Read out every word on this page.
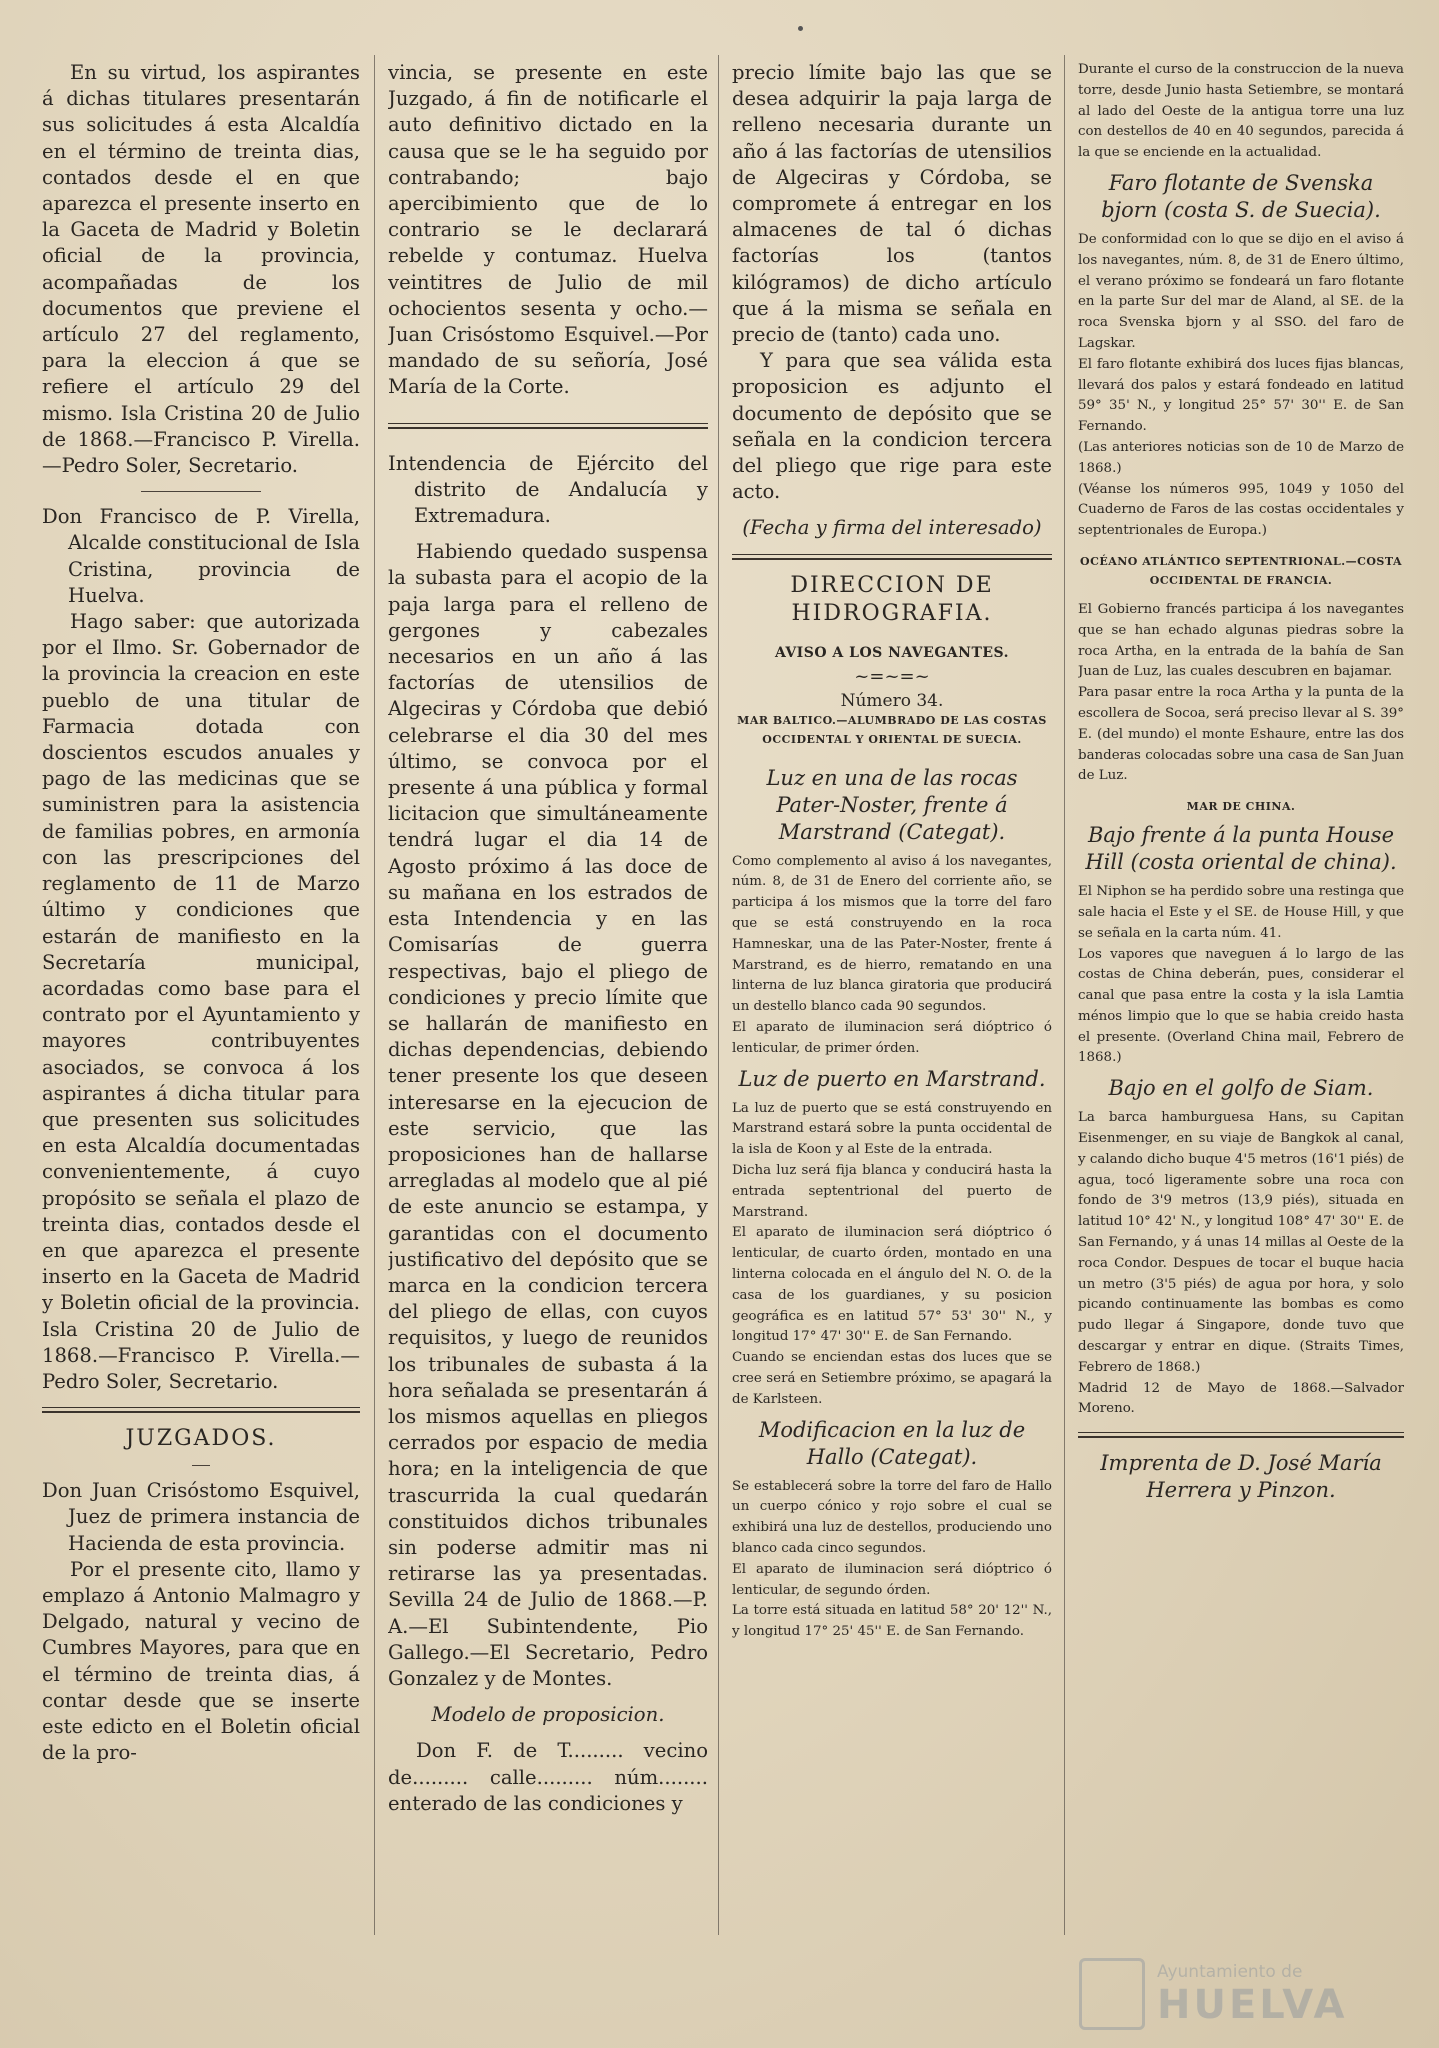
En su virtud, los aspirantes á dichas titulares presentarán sus solicitudes á esta Alcaldía en el término de treinta dias, contados desde el en que aparezca el presente inserto en la Gaceta de Madrid y Boletin oficial de la provincia, acompañadas de los documentos que previene el artículo 27 del reglamento, para la eleccion á que se refiere el artículo 29 del mismo. Isla Cristina 20 de Julio de 1868.—Francisco P. Virella.—Pedro Soler, Secretario.

Don Francisco de P. Virella, Alcalde constitucional de Isla Cristina, provincia de Huelva.

Hago saber: que autorizada por el Ilmo. Sr. Gobernador de la provincia la creacion en este pueblo de una titular de Farmacia dotada con doscientos escudos anuales y pago de las medicinas que se suministren para la asistencia de familias pobres, en armonía con las prescripciones del reglamento de 11 de Marzo último y condiciones que estarán de manifiesto en la Secretaría municipal, acordadas como base para el contrato por el Ayuntamiento y mayores contribuyentes asociados, se convoca á los aspirantes á dicha titular para que presenten sus solicitudes en esta Alcaldía documentadas convenientemente, á cuyo propósito se señala el plazo de treinta dias, contados desde el en que aparezca el presente inserto en la Gaceta de Madrid y Boletin oficial de la provincia. Isla Cristina 20 de Julio de 1868.—Francisco P. Virella.—Pedro Soler, Secretario.

JUZGADOS.

Don Juan Crisóstomo Esquivel, Juez de primera instancia de Hacienda de esta provincia.

Por el presente cito, llamo y emplazo á Antonio Malmagro y Delgado, natural y vecino de Cumbres Mayores, para que en el término de treinta dias, á contar desde que se inserte este edicto en el Boletin oficial de la pro-

vincia, se presente en este Juzgado, á fin de notificarle el auto definitivo dictado en la causa que se le ha seguido por contrabando; bajo apercibimiento que de lo contrario se le declarará rebelde y contumaz. Huelva veintitres de Julio de mil ochocientos sesenta y ocho.—Juan Crisóstomo Esquivel.—Por mandado de su señoría, José María de la Corte.

Intendencia de Ejército del distrito de Andalucía y Extremadura.

Habiendo quedado suspensa la subasta para el acopio de la paja larga para el relleno de gergones y cabezales necesarios en un año á las factorías de utensilios de Algeciras y Córdoba que debió celebrarse el dia 30 del mes último, se convoca por el presente á una pública y formal licitacion que simultáneamente tendrá lugar el dia 14 de Agosto próximo á las doce de su mañana en los estrados de esta Intendencia y en las Comisarías de guerra respectivas, bajo el pliego de condiciones y precio límite que se hallarán de manifiesto en dichas dependencias, debiendo tener presente los que deseen interesarse en la ejecucion de este servicio, que las proposiciones han de hallarse arregladas al modelo que al pié de este anuncio se estampa, y garantidas con el documento justificativo del depósito que se marca en la condicion tercera del pliego de ellas, con cuyos requisitos, y luego de reunidos los tribunales de subasta á la hora señalada se presentarán á los mismos aquellas en pliegos cerrados por espacio de media hora; en la inteligencia de que trascurrida la cual quedarán constituidos dichos tribunales sin poderse admitir mas ni retirarse las ya presentadas. Sevilla 24 de Julio de 1868.—P. A.—El Subintendente, Pio Gallego.—El Secretario, Pedro Gonzalez y de Montes.

Modelo de proposicion.

Don F. de T......... vecino de......... calle......... núm........ enterado de las condiciones y

precio límite bajo las que se desea adquirir la paja larga de relleno necesaria durante un año á las factorías de utensilios de Algeciras y Córdoba, se compromete á entregar en los almacenes de tal ó dichas factorías los (tantos kilógramos) de dicho artículo que á la misma se señala en precio de (tanto) cada uno.

Y para que sea válida esta proposicion es adjunto el documento de depósito que se señala en la condicion tercera del pliego que rige para este acto.

(Fecha y firma del interesado)

DIRECCION DE HIDROGRAFIA.
AVISO A LOS NAVEGANTES.
~=~=~
Número 34.
MAR BALTICO.—ALUMBRADO DE LAS COSTAS OCCIDENTAL Y ORIENTAL DE SUECIA.
Luz en una de las rocas Pater-Noster, frente á Marstrand (Categat).

Como complemento al aviso á los navegantes, núm. 8, de 31 de Enero del corriente año, se participa á los mismos que la torre del faro que se está construyendo en la roca Hamneskar, una de las Pater-Noster, frente á Marstrand, es de hierro, rematando en una linterna de luz blanca giratoria que producirá un destello blanco cada 90 segundos.

El aparato de iluminacion será dióptrico ó lenticular, de primer órden.

Luz de puerto en Marstrand.

La luz de puerto que se está construyendo en Marstrand estará sobre la punta occidental de la isla de Koon y al Este de la entrada.

Dicha luz será fija blanca y conducirá hasta la entrada septentrional del puerto de Marstrand.

El aparato de iluminacion será dióptrico ó lenticular, de cuarto órden, montado en una linterna colocada en el ángulo del N. O. de la casa de los guardianes, y su posicion geográfica es en latitud 57° 53' 30'' N., y longitud 17° 47' 30'' E. de San Fernando.

Cuando se enciendan estas dos luces que se cree será en Setiembre próximo, se apagará la de Karlsteen.

Modificacion en la luz de Hallo (Categat).

Se establecerá sobre la torre del faro de Hallo un cuerpo cónico y rojo sobre el cual se exhibirá una luz de destellos, produciendo uno blanco cada cinco segundos.

El aparato de iluminacion será dióptrico ó lenticular, de segundo órden.

La torre está situada en latitud 58° 20' 12'' N., y longitud 17° 25' 45'' E. de San Fernando.

Durante el curso de la construccion de la nueva torre, desde Junio hasta Setiembre, se montará al lado del Oeste de la antigua torre una luz con destellos de 40 en 40 segundos, parecida á la que se enciende en la actualidad.

Faro flotante de Svenska bjorn (costa S. de Suecia).

De conformidad con lo que se dijo en el aviso á los navegantes, núm. 8, de 31 de Enero último, el verano próximo se fondeará un faro flotante en la parte Sur del mar de Aland, al SE. de la roca Svenska bjorn y al SSO. del faro de Lagskar.

El faro flotante exhibirá dos luces fijas blancas, llevará dos palos y estará fondeado en latitud 59° 35' N., y longitud 25° 57' 30'' E. de San Fernando.

(Las anteriores noticias son de 10 de Marzo de 1868.)

(Véanse los números 995, 1049 y 1050 del Cuaderno de Faros de las costas occidentales y septentrionales de Europa.)

OCÉANO ATLÁNTICO SEPTENTRIONAL.—COSTA OCCIDENTAL DE FRANCIA.

El Gobierno francés participa á los navegantes que se han echado algunas piedras sobre la roca Artha, en la entrada de la bahía de San Juan de Luz, las cuales descubren en bajamar.

Para pasar entre la roca Artha y la punta de la escollera de Socoa, será preciso llevar al S. 39° E. (del mundo) el monte Eshaure, entre las dos banderas colocadas sobre una casa de San Juan de Luz.

MAR DE CHINA.
Bajo frente á la punta House Hill (costa oriental de china).

El Niphon se ha perdido sobre una restinga que sale hacia el Este y el SE. de House Hill, y que se señala en la carta núm. 41.

Los vapores que naveguen á lo largo de las costas de China deberán, pues, considerar el canal que pasa entre la costa y la isla Lamtia ménos limpio que lo que se habia creido hasta el presente. (Overland China mail, Febrero de 1868.)

Bajo en el golfo de Siam.

La barca hamburguesa Hans, su Capitan Eisenmenger, en su viaje de Bangkok al canal, y calando dicho buque 4'5 metros (16'1 piés) de agua, tocó ligeramente sobre una roca con fondo de 3'9 metros (13,9 piés), situada en latitud 10° 42' N., y longitud 108° 47' 30'' E. de San Fernando, y á unas 14 millas al Oeste de la roca Condor. Despues de tocar el buque hacia un metro (3'5 piés) de agua por hora, y solo picando continuamente las bombas es como pudo llegar á Singapore, donde tuvo que descargar y entrar en dique. (Straits Times, Febrero de 1868.)

Madrid 12 de Mayo de 1868.—Salvador Moreno.

Imprenta de D. José María Herrera y Pinzon.
Ayuntamiento de
HUELVA
